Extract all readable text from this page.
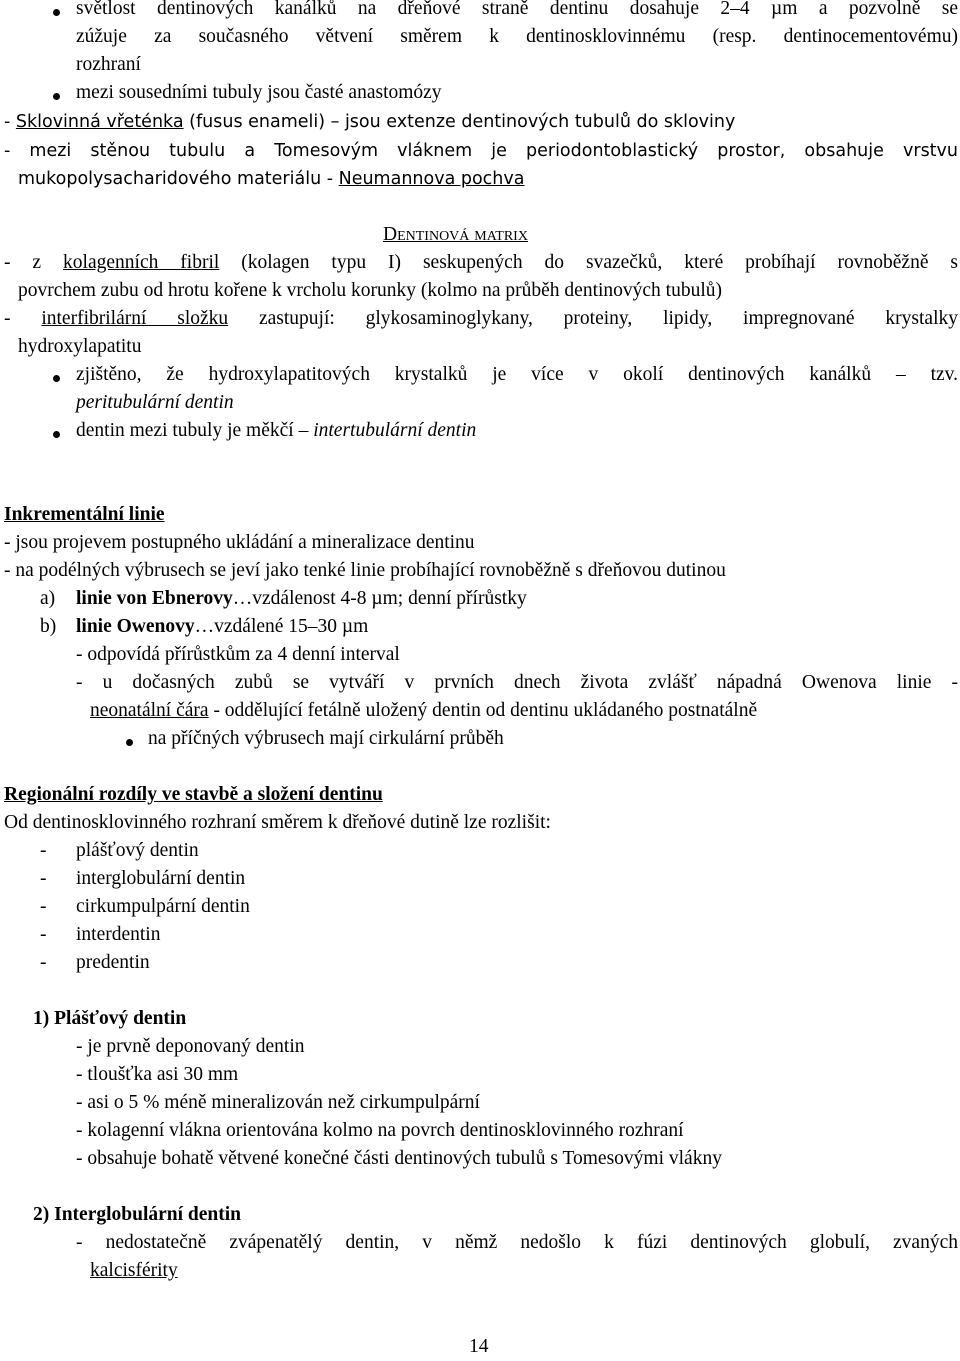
světlost dentinových kanálků na dřeňové straně dentinu dosahuje 2–4 µm a pozvolně se
zúžuje za současného větvení směrem k dentinosklovinnému (resp. dentinocementovému)
rozhraní
mezi sousedními tubuly jsou časté anastomózy
- Sklovinná vřeténka (fusus enameli) – jsou extenze dentinových tubulů do skloviny
- mezi stěnou tubulu a Tomesovým vláknem je periodontoblastický prostor, obsahuje vrstvu
mukopolysacharidového materiálu - Neumannova pochva
Dentinová matrix
- z kolagenních fibril (kolagen typu I) seskupených do svazečků, které probíhají rovnoběžně s
povrchem zubu od hrotu kořene k vrcholu korunky (kolmo na průběh dentinových tubulů)
- interfibrilární složku zastupují: glykosaminoglykany, proteiny, lipidy, impregnované krystalky
hydroxylapatitu
zjištěno, že hydroxylapatitových krystalků je více v okolí dentinových kanálků – tzv.
peritubulární dentin
dentin mezi tubuly je měkčí – intertubulární dentin
Inkrementální linie
- jsou projevem postupného ukládání a mineralizace dentinu
- na podélných výbrusech se jeví jako tenké linie probíhající rovnoběžně s dřeňovou dutinou
a) linie von Ebnerovy…vzdálenost 4-8 µm; denní přírůstky
b) linie Owenovy…vzdálené 15–30 µm
- odpovídá přírůstkům za 4 denní interval
- u dočasných zubů se vytváří v prvních dnech života zvlášť nápadná Owenova linie -
neonatální čára - oddělující fetálně uložený dentin od dentinu ukládaného postnatálně
na příčných výbrusech mají cirkulární průběh
Regionální rozdíly ve stavbě a složení dentinu
Od dentinosklovinného rozhraní směrem k dřeňové dutině lze rozlišit:
- plášťový dentin
- interglobulární dentin
- cirkumpulpární dentin
- interdentin
- predentin
1) Plášťový dentin
- je prvně deponovaný dentin
- tloušťka asi 30 mm
- asi o 5 % méně mineralizován než cirkumpulpární
- kolagenní vlákna orientována kolmo na povrch dentinosklovinného rozhraní
- obsahuje bohatě větvené konečné části dentinových tubulů s Tomesovými vlákny
2) Interglobulární dentin
- nedostatečně zvápenatělý dentin, v němž nedošlo k fúzi dentinových globulí, zvaných
kalcisférity
14
